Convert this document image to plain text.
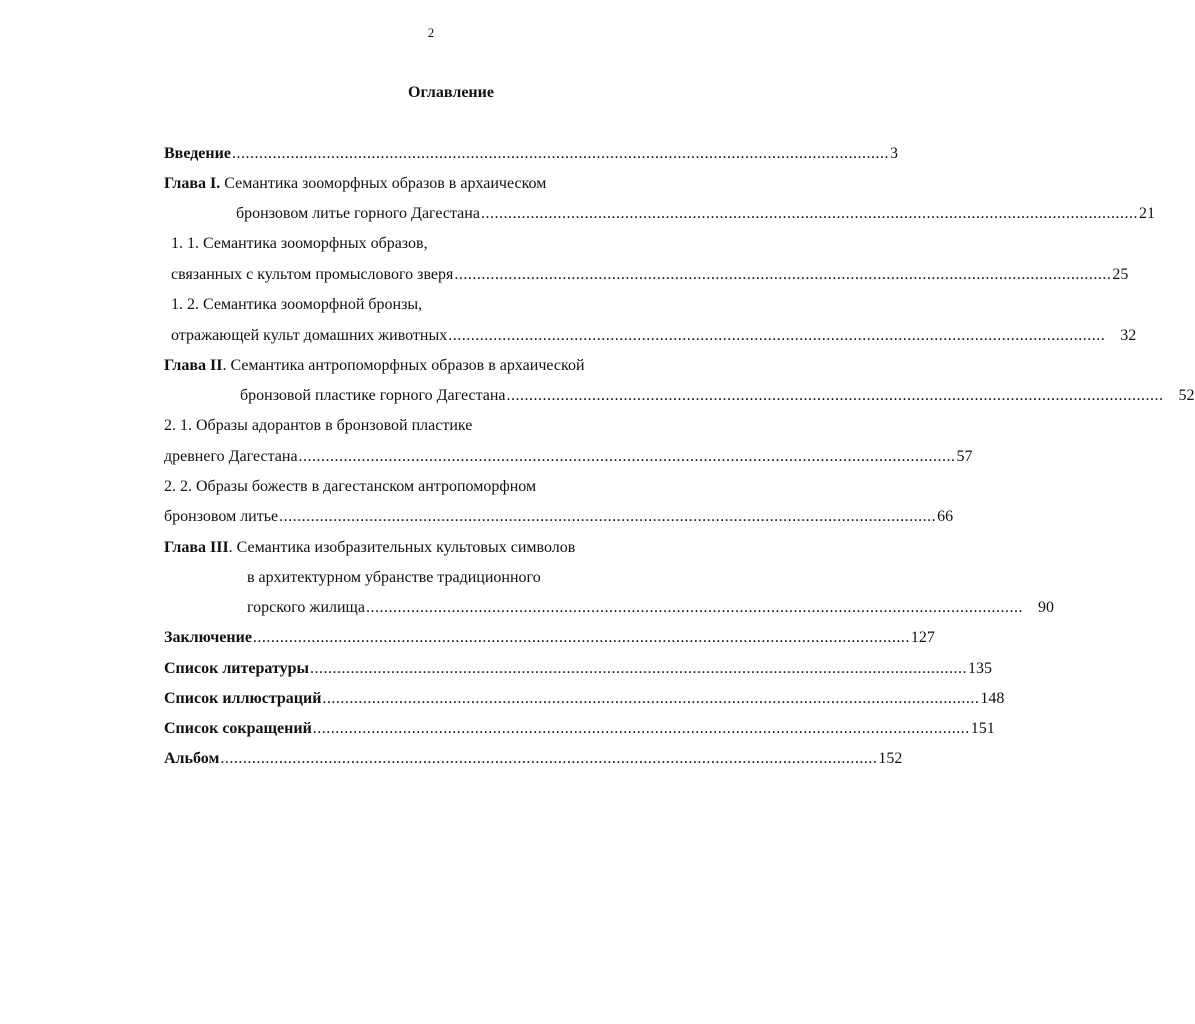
2
Оглавление
Введение .................................................................................................................................................. 3
Глава I. Семантика зооморфных образов в архаическом
бронзовом литье горного Дагестана .................................................................................................................................................. 21
1. 1. Семантика зооморфных образов,
связанных с культом промыслового зверя .................................................................................................................................................. 25
1. 2. Семантика зооморфной бронзы,
отражающей культ домашних животных .................................................................................................................................................. 32
Глава II. Семантика антропоморфных образов в архаической
бронзовой пластике горного Дагестана .................................................................................................................................................. 52
2. 1. Образы адорантов в бронзовой пластике
древнего Дагестана .................................................................................................................................................. 57
2. 2. Образы божеств в дагестанском антропоморфном
бронзовом литье .................................................................................................................................................. 66
Глава III. Семантика изобразительных культовых символов
в архитектурном убранстве традиционного
горского жилища .................................................................................................................................................. 90
Заключение .................................................................................................................................................. 127
Список литературы .................................................................................................................................................. 135
Список иллюстраций .................................................................................................................................................. 148
Список сокращений .................................................................................................................................................. 151
Альбом .................................................................................................................................................. 152
